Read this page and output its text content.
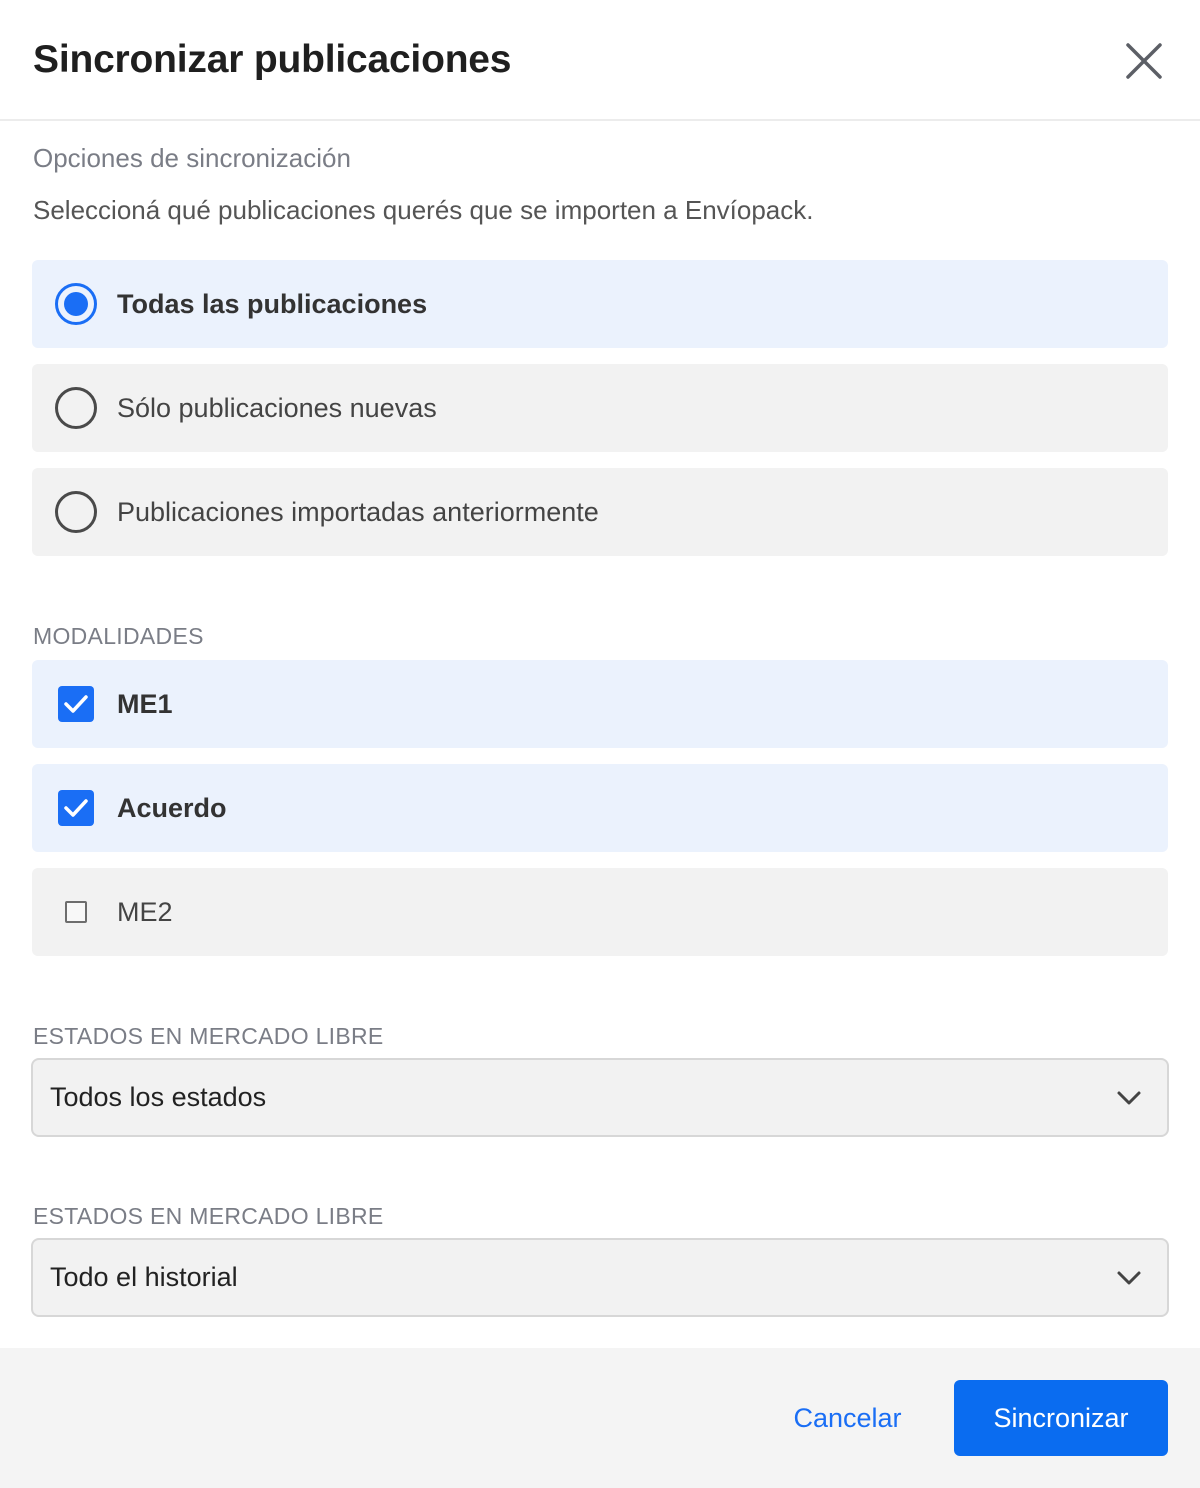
Sincronizar publicaciones
Opciones de sincronización
Seleccioná qué publicaciones querés que se importen a Envíopack.
Todas las publicaciones
Sólo publicaciones nuevas
Publicaciones importadas anteriormente
MODALIDADES
ME1
Acuerdo
ME2
ESTADOS EN MERCADO LIBRE
Todos los estados
ESTADOS EN MERCADO LIBRE
Todo el historial
Cancelar	Sincronizar
